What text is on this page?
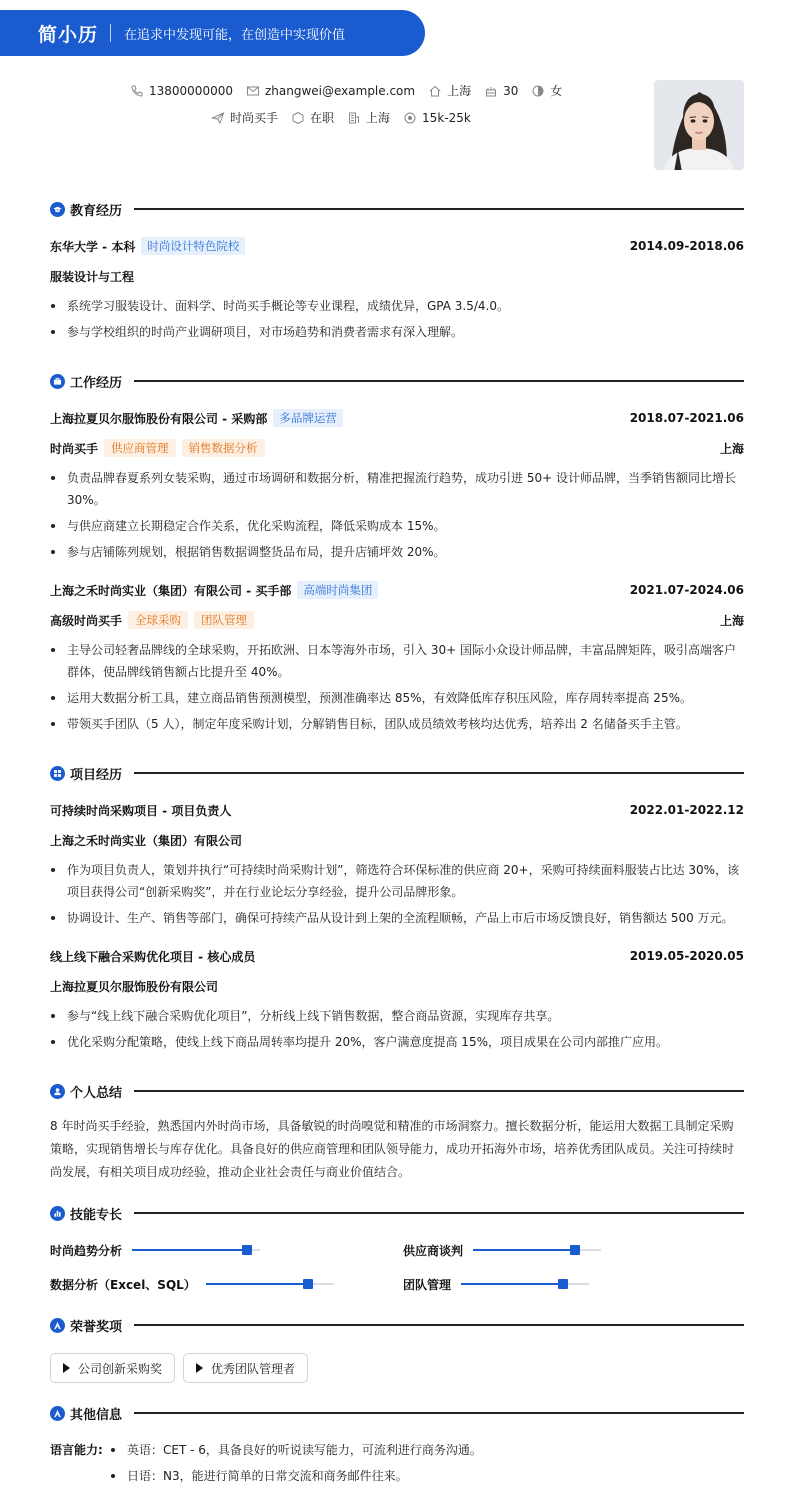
简小历 在追求中发现可能，在创造中实现价值
13800000000	zhangwei@example.com	上海	30	女
时尚买手	在职	上海	15k-25k
教育经历
东华大学 - 本科	时尚设计特色院校	2014.09-2018.06
服装设计与工程
系统学习服装设计、面料学、时尚买手概论等专业课程，成绩优异，GPA 3.5/4.0。
参与学校组织的时尚产业调研项目，对市场趋势和消费者需求有深入理解。
工作经历
上海拉夏贝尔服饰股份有限公司 - 采购部	多品牌运营	2018.07-2021.06
时尚买手	供应商管理	销售数据分析	上海
负责品牌春夏系列女装采购，通过市场调研和数据分析，精准把握流行趋势，成功引进 50+ 设计师品牌，当季销售额同比增长 30%。
与供应商建立长期稳定合作关系，优化采购流程，降低采购成本 15%。
参与店铺陈列规划，根据销售数据调整货品布局，提升店铺坪效 20%。
上海之禾时尚实业（集团）有限公司 - 买手部	高端时尚集团	2021.07-2024.06
高级时尚买手	全球采购	团队管理	上海
主导公司轻奢品牌线的全球采购，开拓欧洲、日本等海外市场，引入 30+ 国际小众设计师品牌，丰富品牌矩阵，吸引高端客户群体，使品牌线销售额占比提升至 40%。
运用大数据分析工具，建立商品销售预测模型，预测准确率达 85%，有效降低库存积压风险，库存周转率提高 25%。
带领买手团队（5 人），制定年度采购计划，分解销售目标，团队成员绩效考核均达优秀，培养出 2 名储备买手主管。
项目经历
可持续时尚采购项目 - 项目负责人	2022.01-2022.12
上海之禾时尚实业（集团）有限公司
作为项目负责人，策划并执行“可持续时尚采购计划”，筛选符合环保标准的供应商 20+，采购可持续面料服装占比达 30%，该项目获得公司“创新采购奖”，并在行业论坛分享经验，提升公司品牌形象。
协调设计、生产、销售等部门，确保可持续产品从设计到上架的全流程顺畅，产品上市后市场反馈良好，销售额达 500 万元。
线上线下融合采购优化项目 - 核心成员	2019.05-2020.05
上海拉夏贝尔服饰股份有限公司
参与“线上线下融合采购优化项目”，分析线上线下销售数据，整合商品资源，实现库存共享。
优化采购分配策略，使线上线下商品周转率均提升 20%，客户满意度提高 15%，项目成果在公司内部推广应用。
个人总结
8 年时尚买手经验，熟悉国内外时尚市场，具备敏锐的时尚嗅觉和精准的市场洞察力。擅长数据分析，能运用大数据工具制定采购策略，实现销售增长与库存优化。具备良好的供应商管理和团队领导能力，成功开拓海外市场，培养优秀团队成员。关注可持续时尚发展，有相关项目成功经验，推动企业社会责任与商业价值结合。
技能专长
时尚趋势分析	供应商谈判
数据分析（Excel、SQL）	团队管理
荣誉奖项
公司创新采购奖	优秀团队管理者
其他信息
语言能力:	英语：CET - 6，具备良好的听说读写能力，可流利进行商务沟通。
日语：N3，能进行简单的日常交流和商务邮件往来。
